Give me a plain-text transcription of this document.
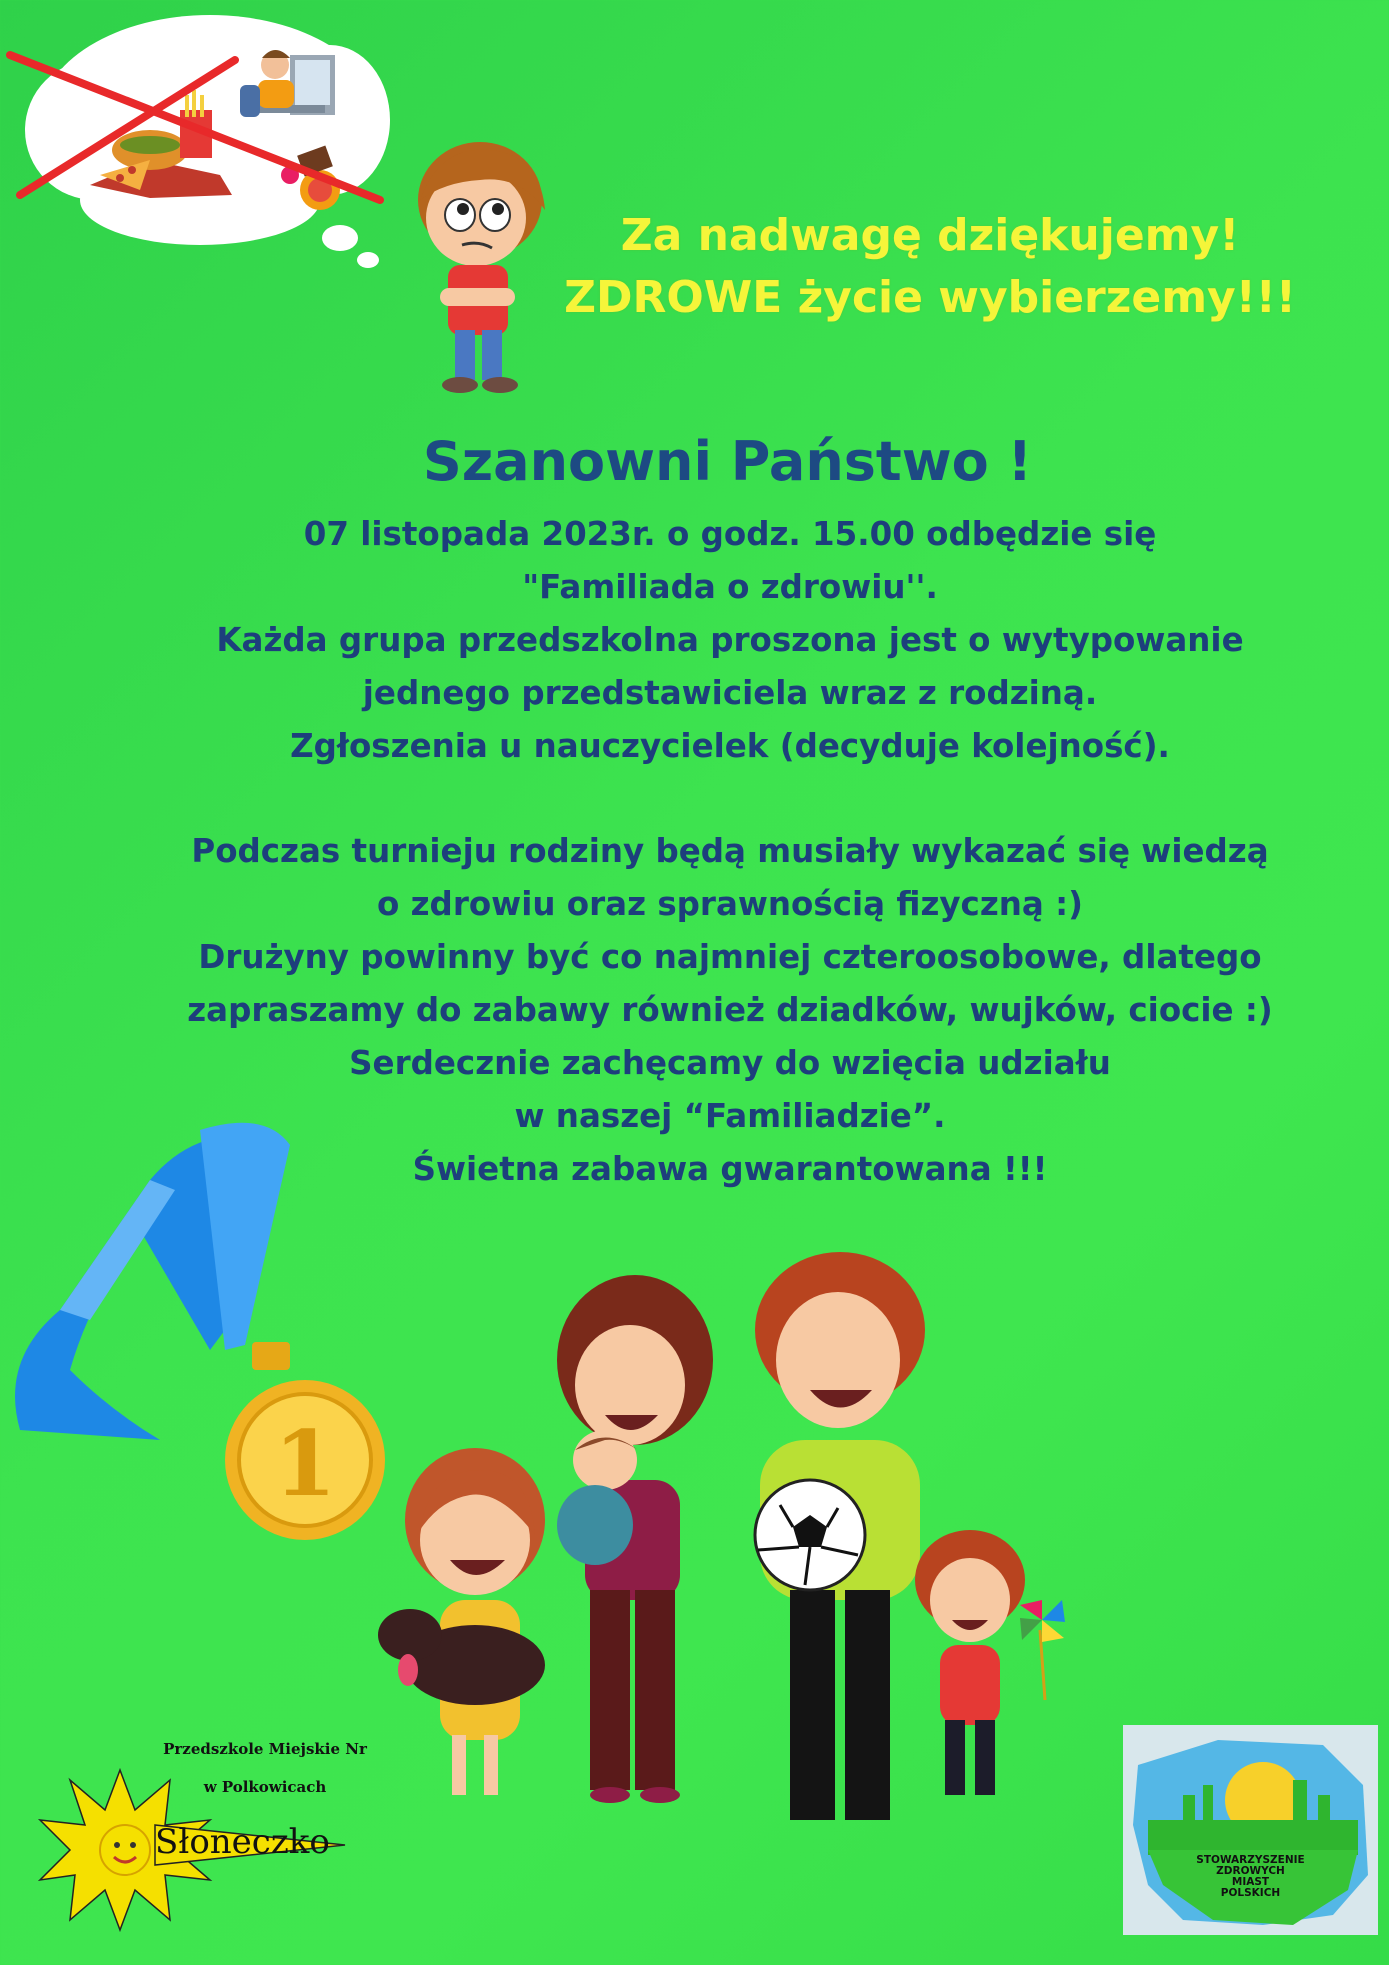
Za nadwagę dziękujemy!
ZDROWE życie wybierzemy!!!
Szanowni Państwo !
07 listopada 2023r. o godz. 15.00 odbędzie się
"Familiada o zdrowiu''.
Każda grupa przedszkolna proszona jest o wytypowanie
jednego przedstawiciela wraz z rodziną.
Zgłoszenia u nauczycielek (decyduje kolejność).
Podczas turnieju rodziny będą musiały wykazać się wiedzą
o zdrowiu oraz sprawnością fizyczną :)
Drużyny powinny być co najmniej czteroosobowe, dlatego
zapraszamy do zabawy również dziadków, wujków, ciocie :)
Serdecznie zachęcamy do wzięcia udziału
w naszej “Familiadzie”.
Świetna zabawa gwarantowana !!!
1
Przedszkole Miejskie Nr
w Polkowicach
Słoneczko	STOWARZYSZENIE
ZDROWYCH
MIAST
POLSKICH
